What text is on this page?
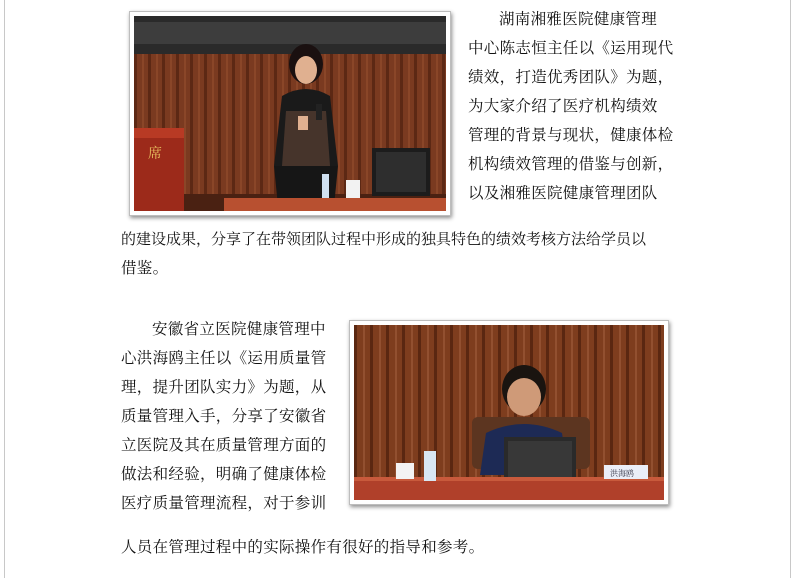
席
湖南湘雅医院健康管理
中心陈志恒主任以《运用现代
绩效，打造优秀团队》为题，
为大家介绍了医疗机构绩效
管理的背景与现状，健康体检
机构绩效管理的借鉴与创新，
以及湘雅医院健康管理团队
的建设成果，分享了在带领团队过程中形成的独具特色的绩效考核方法给学员以
借鉴。
安徽省立医院健康管理中
心洪海鸥主任以《运用质量管
理，提升团队实力》为题，从
质量管理入手，分享了安徽省
立医院及其在质量管理方面的
做法和经验，明确了健康体检
医疗质量管理流程，对于参训
人员在管理过程中的实际操作有很好的指导和参考。
洪海鸥
